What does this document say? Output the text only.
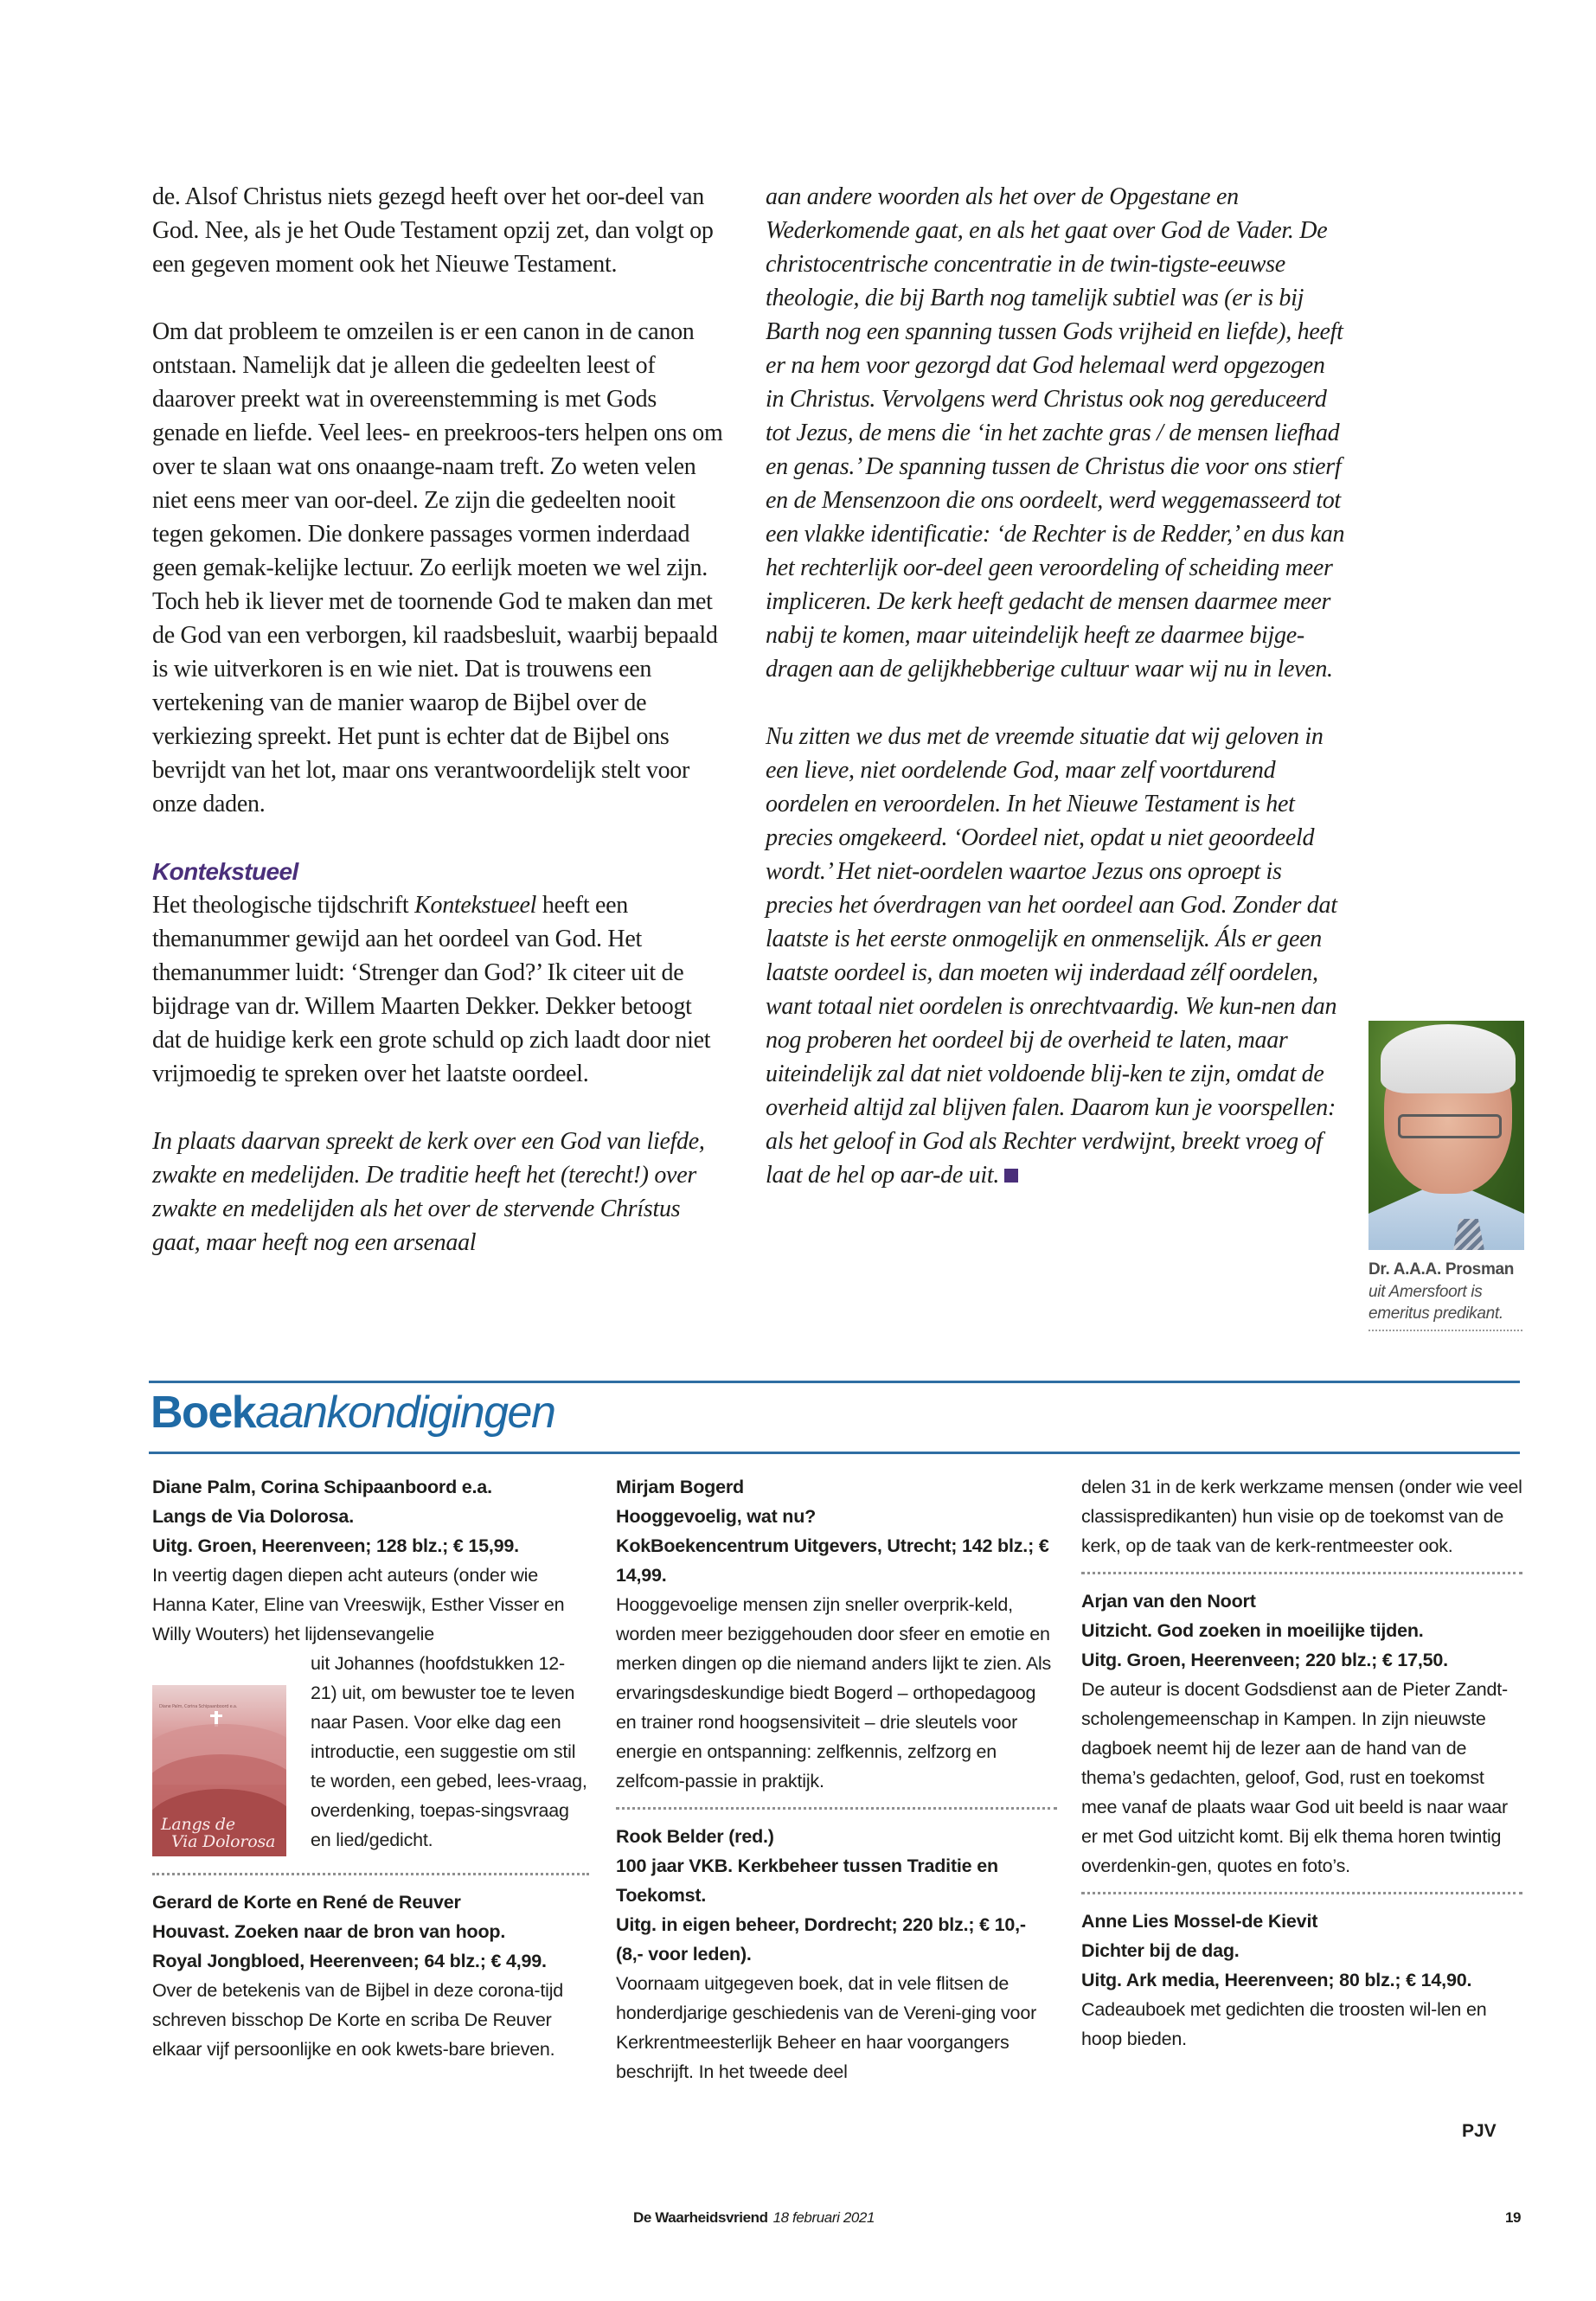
de. Alsof Christus niets gezegd heeft over het oor-deel van God. Nee, als je het Oude Testament opzij zet, dan volgt op een gegeven moment ook het Nieuwe Testament.

Om dat probleem te omzeilen is er een canon in de canon ontstaan. Namelijk dat je alleen die gedeelten leest of daarover preekt wat in overeenstemming is met Gods genade en liefde. Veel lees- en preekroos-ters helpen ons om over te slaan wat ons onaange-naam treft. Zo weten velen niet eens meer van oor-deel. Ze zijn die gedeelten nooit tegen gekomen. Die donkere passages vormen inderdaad geen gemak-kelijke lectuur. Zo eerlijk moeten we wel zijn. Toch heb ik liever met de toornende God te maken dan met de God van een verborgen, kil raadsbesluit, waarbij bepaald is wie uitverkoren is en wie niet. Dat is trouwens een vertekening van de manier waarop de Bijbel over de verkiezing spreekt. Het punt is echter dat de Bijbel ons bevrijdt van het lot, maar ons verantwoordelijk stelt voor onze daden.

Kontekstueel

Het theologische tijdschrift Kontekstueel heeft een themanummer gewijd aan het oordeel van God. Het themanummer luidt: ‘Strenger dan God?’ Ik citeer uit de bijdrage van dr. Willem Maarten Dekker. Dekker betoogt dat de huidige kerk een grote schuld op zich laadt door niet vrijmoedig te spreken over het laatste oordeel.

In plaats daarvan spreekt de kerk over een God van liefde, zwakte en medelijden. De traditie heeft het (terecht!) over zwakte en medelijden als het over de stervende Chrístus gaat, maar heeft nog een arsenaal

aan andere woorden als het over de Opgestane en Wederkomende gaat, en als het gaat over God de Vader. De christocentrische concentratie in de twin-tigste-eeuwse theologie, die bij Barth nog tamelijk subtiel was (er is bij Barth nog een spanning tussen Gods vrijheid en liefde), heeft er na hem voor gezorgd dat God helemaal werd opgezogen in Christus. Vervolgens werd Christus ook nog gereduceerd tot Jezus, de mens die ‘in het zachte gras / de mensen liefhad en genas.’ De spanning tussen de Christus die voor ons stierf en de Mensenzoon die ons oordeelt, werd weggemasseerd tot een vlakke identificatie: ‘de Rechter is de Redder,’ en dus kan het rechterlijk oor-deel geen veroordeling of scheiding meer impliceren. De kerk heeft gedacht de mensen daarmee meer nabij te komen, maar uiteindelijk heeft ze daarmee bijge-dragen aan de gelijkhebberige cultuur waar wij nu in leven.

Nu zitten we dus met de vreemde situatie dat wij geloven in een lieve, niet oordelende God, maar zelf voortdurend oordelen en veroordelen. In het Nieuwe Testament is het precies omgekeerd. ‘Oordeel niet, opdat u niet geoordeeld wordt.’ Het niet-oordelen waartoe Jezus ons oproept is precies het óverdragen van het oordeel aan God. Zonder dat laatste is het eerste onmogelijk en onmenselijk. Áls er geen laatste oordeel is, dan moeten wij inderdaad zélf oordelen, want totaal niet oordelen is onrechtvaardig. We kun-nen dan nog proberen het oordeel bij de overheid te laten, maar uiteindelijk zal dat niet voldoende blij-ken te zijn, omdat de overheid altijd zal blijven falen. Daarom kun je voorspellen: als het geloof in God als Rechter verdwijnt, breekt vroeg of laat de hel op aar-de uit.

Dr. A.A.A. Prosman
uit Amersfoort is emeritus predikant.
Boekaankondigingen
Diane Palm, Corina Schipaanboord e.a.
Langs de Via Dolorosa.
Uitg. Groen, Heerenveen; 128 blz.; € 15,99.
In veertig dagen diepen acht auteurs (onder wie Hanna Kater, Eline van Vreeswijk, Esther Visser en Willy Wouters) het lijdensevangelie
Diane Palm, Corina Schipaanboord e.a.
Langs de
Via Dolorosa
uit Johannes (hoofdstukken 12-21) uit, om bewuster toe te leven naar Pasen. Voor elke dag een introductie, een suggestie om stil te worden, een gebed, lees-vraag, overdenking, toepas-singsvraag en lied/gedicht.
Gerard de Korte en René de Reuver
Houvast. Zoeken naar de bron van hoop.
Royal Jongbloed, Heerenveen; 64 blz.; € 4,99.
Over de betekenis van de Bijbel in deze corona-tijd schreven bisschop De Korte en scriba De Reuver elkaar vijf persoonlijke en ook kwets-bare brieven.
Mirjam Bogerd
Hooggevoelig, wat nu?
KokBoekencentrum Uitgevers, Utrecht; 142 blz.; € 14,99.
Hooggevoelige mensen zijn sneller overprik-keld, worden meer beziggehouden door sfeer en emotie en merken dingen op die niemand anders lijkt te zien. Als ervaringsdeskundige biedt Bogerd – orthopedagoog en trainer rond hoogsensiviteit – drie sleutels voor energie en ontspanning: zelfkennis, zelfzorg en zelfcom-passie in praktijk.
Rook Belder (red.)
100 jaar VKB. Kerkbeheer tussen Traditie en Toekomst.
Uitg. in eigen beheer, Dordrecht; 220 blz.; € 10,- (8,- voor leden).
Voornaam uitgegeven boek, dat in vele flitsen de honderdjarige geschiedenis van de Vereni-ging voor Kerkrentmeesterlijk Beheer en haar voorgangers beschrijft. In het tweede deel
delen 31 in de kerk werkzame mensen (onder wie veel classispredikanten) hun visie op de toekomst van de kerk, op de taak van de kerk-rentmeester ook.
Arjan van den Noort
Uitzicht. God zoeken in moeilijke tijden.
Uitg. Groen, Heerenveen; 220 blz.; € 17,50.
De auteur is docent Godsdienst aan de Pieter Zandt-scholengemeenschap in Kampen. In zijn nieuwste dagboek neemt hij de lezer aan de hand van de thema’s gedachten, geloof, God, rust en toekomst mee vanaf de plaats waar God uit beeld is naar waar er met God uitzicht komt. Bij elk thema horen twintig overdenkin-gen, quotes en foto’s.
Anne Lies Mossel-de Kievit
Dichter bij de dag.
Uitg. Ark media, Heerenveen; 80 blz.; € 14,90.
Cadeauboek met gedichten die troosten wil-len en hoop bieden.
PJV
De Waarheidsvriend 18 februari 2021	19
